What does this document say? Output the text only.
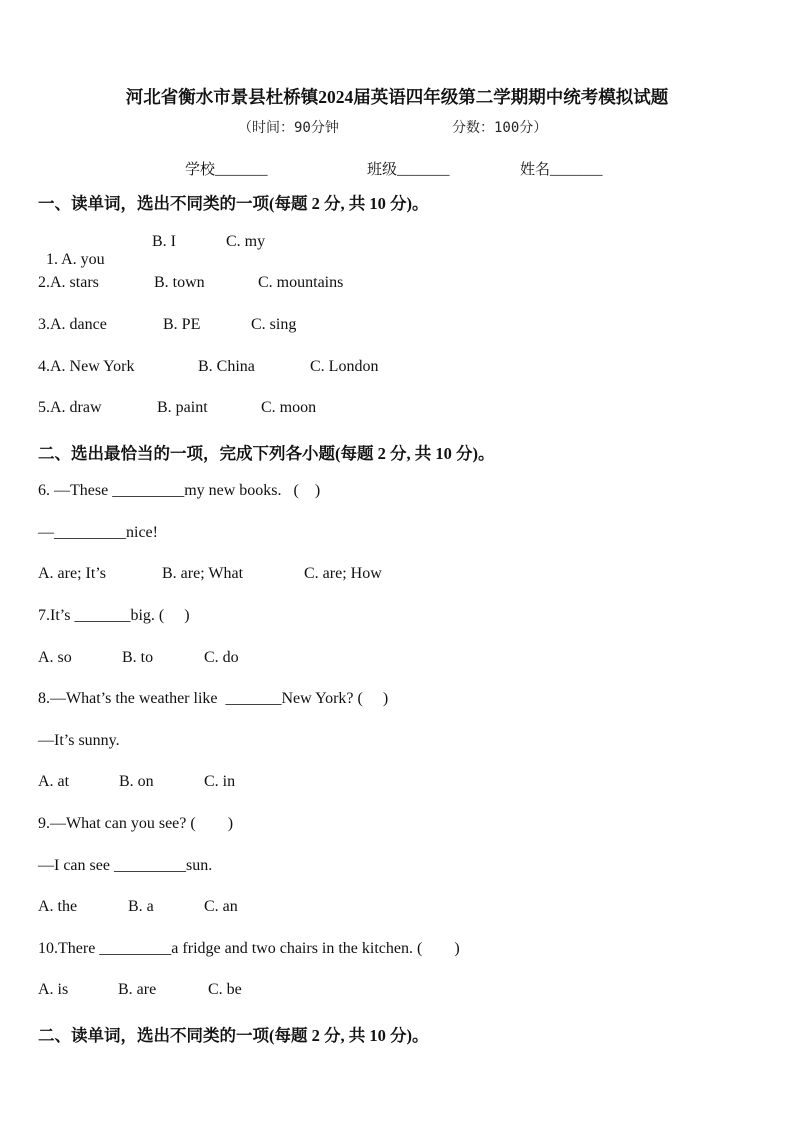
河北省衡水市景县杜桥镇2024届英语四年级第二学期期中统考模拟试题
（时间：90分钟	分数：100分）
学校_______	班级_______	姓名_______
一、读单词，选出不同类的一项(每题 2 分, 共 10 分)。

1. A. you

B. I	C. my
2.A. stars	B. town	C. mountains
3.A. dance	B. PE	C. sing
4.A. New York	B. China	C. London
5.A. draw	B. paint	C. moon
二、选出最恰当的一项，完成下列各小题(每题 2 分, 共 10 分)。
6. —These _________my new books.   (    )
—_________nice!
A. are; It’s	B. are; What	C. are; How
7.It’s _______big. (     )
A. so	B. to	C. do
8.—What’s the weather like  _______New York? (     )
—It’s sunny.
A. at	B. on	C. in
9.—What can you see? (        )
—I can see _________sun.
A. the	B. a	C. an
10.There _________a fridge and two chairs in the kitchen. (        )
A. is	B. are	C. be
二、读单词，选出不同类的一项(每题 2 分, 共 10 分)。
